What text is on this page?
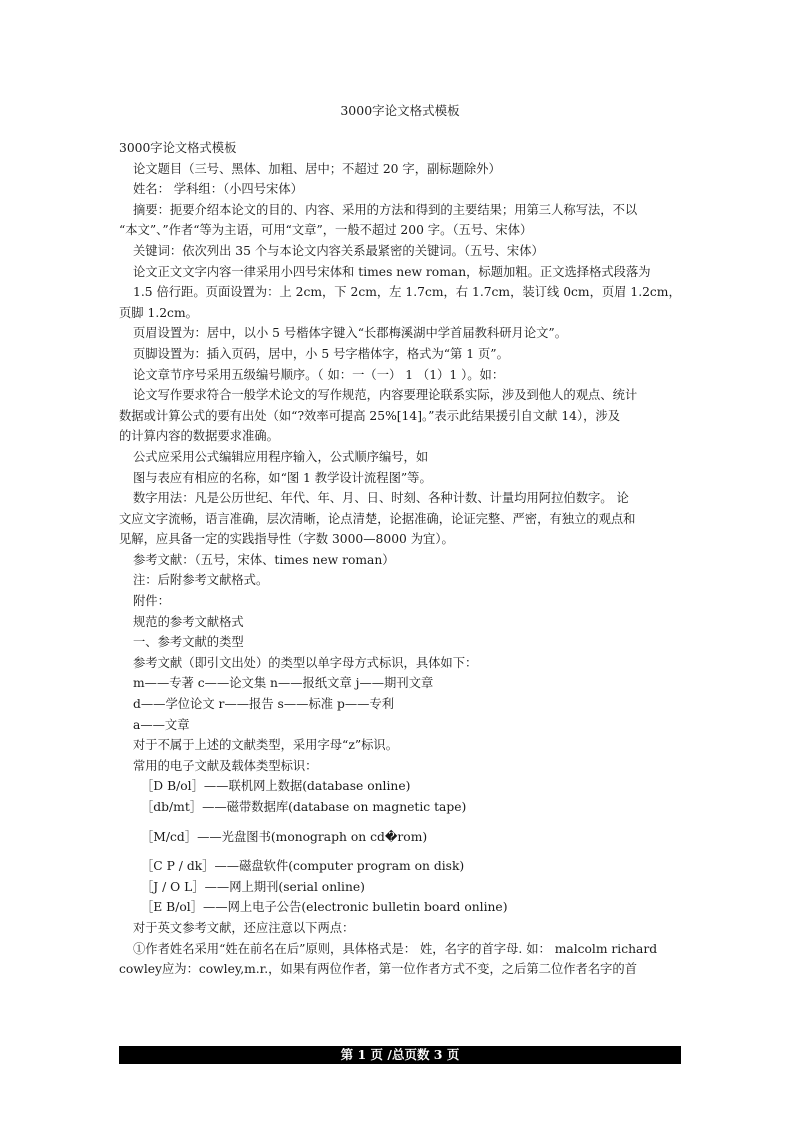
3000字论文格式模板
3000字论文格式模板
论文题目（三号、黑体、加粗、居中；不超过 20 字，副标题除外）
姓名： 学科组：（小四号宋体）
摘要：扼要介绍本论文的目的、内容、采用的方法和得到的主要结果；用第三人称写法，不以
“本文”、”作者“等为主语，可用“文章”，一般不超过 200 字。（五号、宋体）
关键词：依次列出 35 个与本论文内容关系最紧密的关键词。（五号、宋体）
论文正文文字内容一律采用小四号宋体和 times new roman，标题加粗。正文选择格式段落为
1.5 倍行距。页面设置为：上 2cm，下 2cm，左 1.7cm，右 1.7cm，装订线 0cm，页眉 1.2cm，
页脚 1.2cm。
页眉设置为：居中，以小 5 号楷体字键入“长郡梅溪湖中学首届教科研月论文”。
页脚设置为：插入页码，居中，小 5 号字楷体字，格式为“第 1 页”。
论文章节序号采用五级编号顺序。（ 如：一（一） 1 （1）1 ）。如：
论文写作要求符合一般学术论文的写作规范，内容要理论联系实际，涉及到他人的观点、统计
数据或计算公式的要有出处（如“?效率可提高 25%[14]。”表示此结果援引自文献 14），涉及
的计算内容的数据要求准确。
公式应采用公式编辑应用程序输入，公式顺序编号，如
图与表应有相应的名称，如“图 1 教学设计流程图”等。
数字用法：凡是公历世纪、年代、年、月、日、时刻、各种计数、计量均用阿拉伯数字。 论
文应文字流畅，语言准确，层次清晰，论点清楚，论据准确，论证完整、严密，有独立的观点和
见解，应具备一定的实践指导性（字数 3000—8000 为宜）。
参考文献：（五号，宋体、times new roman）
注：后附参考文献格式。
附件：
规范的参考文献格式
一、参考文献的类型
参考文献（即引文出处）的类型以单字母方式标识，具体如下：
m——专著 c——论文集 n——报纸文章 j——期刊文章
d——学位论文 r——报告 s——标准 p——专利
a——文章
对于不属于上述的文献类型，采用字母“z”标识。
常用的电子文献及载体类型标识：
［D B/ol］——联机网上数据(database online)
［db/mt］——磁带数据库(database on magnetic tape)
［M/cd］——光盘图书(monograph on cd�rom)
［C P / dk］——磁盘软件(computer program on disk)
［J / O L］——网上期刊(serial online)
［E B/ol］——网上电子公告(electronic bulletin board online)
对于英文参考文献，还应注意以下两点：
①作者姓名采用“姓在前名在后”原则，具体格式是： 姓，名字的首字母. 如： malcolm richard
cowley应为：cowley,m.r.，如果有两位作者，第一位作者方式不变，之后第二位作者名字的首
第 1 页 /总页数 3 页
